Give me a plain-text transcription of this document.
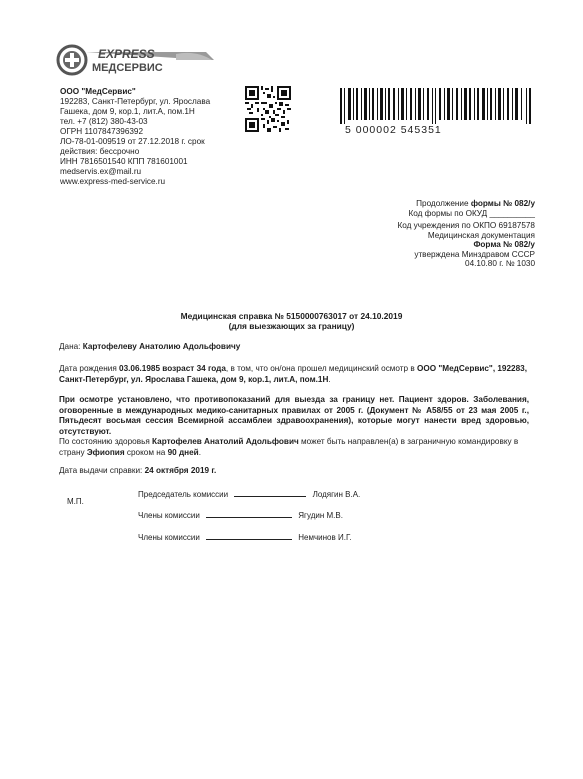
EXPRESS
МЕДСЕРВИС
ООО "МедСервис"
192283, Санкт-Петербург, ул. Ярослава
Гашека, дом 9, кор.1, лит.А, пом.1Н
тел. +7 (812) 380-43-03
ОГРН 1107847396392
ЛО-78-01-009519 от 27.12.2018 г. срок
действия: бессрочно
ИНН 7816501540 КПП 781601001
medservis.ex@mail.ru
www.express-med-service.ru
5 000002 545351
Продолжение формы № 082/у
Код формы по ОКУД __________
Код учреждения по ОКПО 69187578
Медицинская документация
Форма № 082/у
утверждена Минздравом СССР
04.10.80 г. № 1030
Медицинская справка № 5150000763017 от 24.10.2019
(для выезжающих за границу)
Дана: Картофелеву Анатолию Адольфовичу
Дата рождения 03.06.1985 возраст 34 года, в том, что он/она прошел медицинский осмотр в ООО "МедСервис", 192283, Санкт-Петербург, ул. Ярослава Гашека, дом 9, кор.1, лит.А, пом.1Н.
При осмотре установлено, что противопоказаний для выезда за границу нет. Пациент здоров. Заболевания, оговоренные в международных медико-санитарных правилах от 2005 г. (Документ № А58/55 от 23 мая 2005 г., Пятьдесят восьмая сессия Всемирной ассамблеи здравоохранения), которые могут нанести вред здоровью, отсутствуют.
По состоянию здоровья Картофелев Анатолий Адольфович может быть направлен(а) в заграничную командировку в страну Эфиопия сроком на 90 дней.
Дата выдачи справки: 24 октября 2019 г.
М.П.
Председатель комиссии	Лодягин В.А.
Члены комиссии	Ягудин М.В.
Члены комиссии	Немчинов И.Г.
